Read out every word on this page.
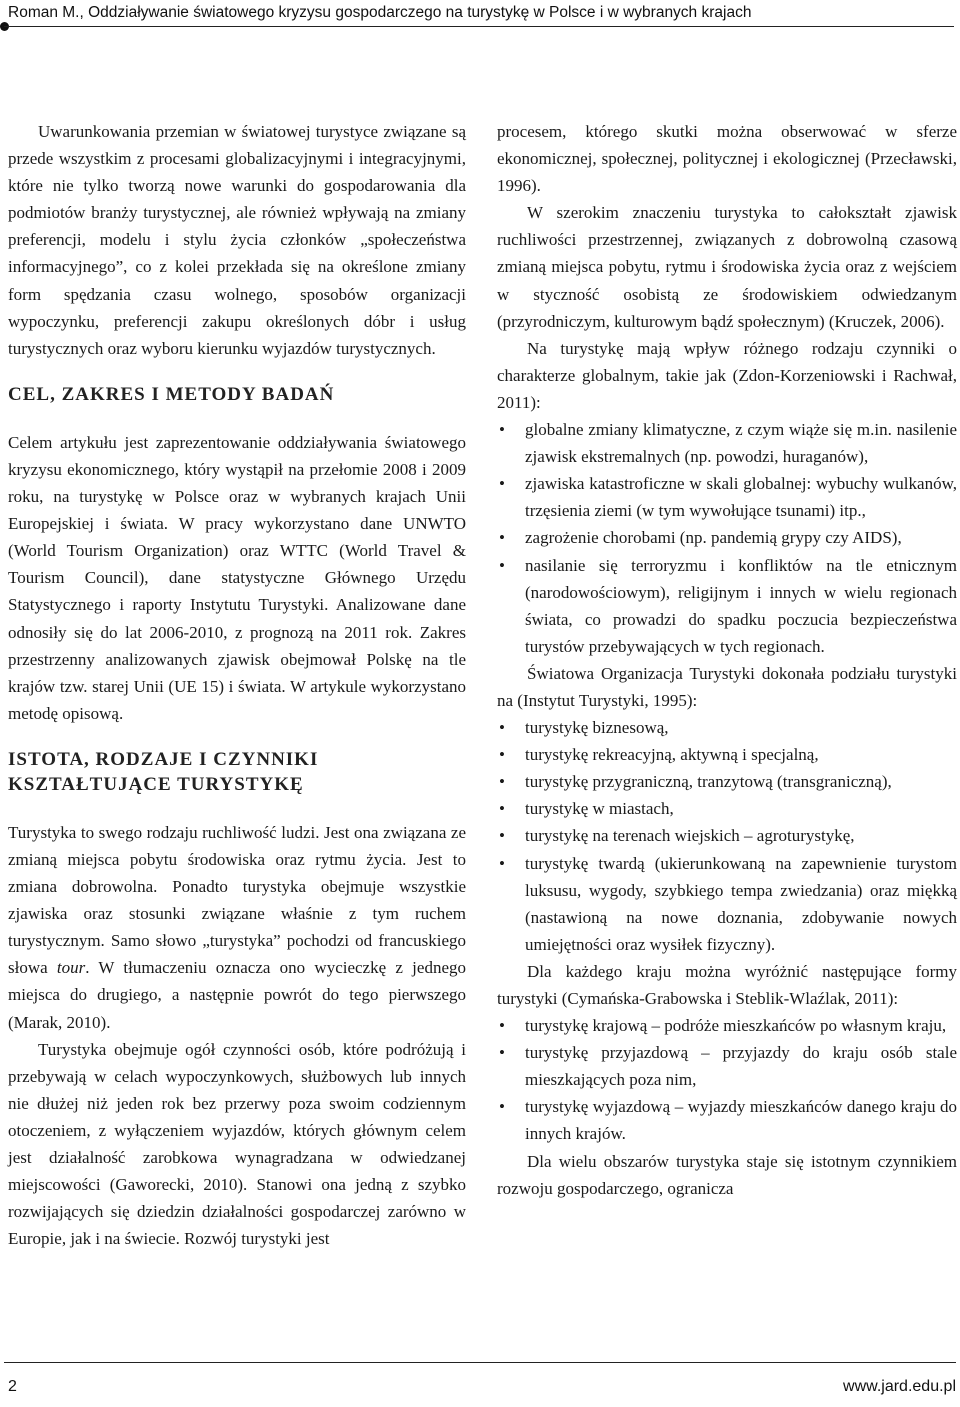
Roman M., Oddziaływanie światowego kryzysu gospodarczego na turystykę w Polsce i w wybranych krajach

Uwarunkowania przemian w światowej turystyce związane są przede wszystkim z procesami globalizacyjnymi i integracyjnymi, które nie tylko tworzą nowe warunki do gospodarowania dla podmiotów branży turystycznej, ale również wpływają na zmiany preferencji, modelu i stylu życia członków „społeczeństwa informacyjnego”, co z kolei przekłada się na określone zmiany form spędzania czasu wolnego, sposobów organizacji wypoczynku, preferencji zakupu określonych dóbr i usług turystycznych oraz wyboru kierunku wyjazdów turystycznych.

CEL, ZAKRES I METODY BADAŃ

Celem artykułu jest zaprezentowanie oddziaływania światowego kryzysu ekonomicznego, który wystąpił na przełomie 2008 i 2009 roku, na turystykę w Polsce oraz w wybranych krajach Unii Europejskiej i świata. W pracy wykorzystano dane UNWTO (World Tourism Organization) oraz WTTC (World Travel & Tourism Council), dane statystyczne Głównego Urzędu Statystycznego i raporty Instytutu Turystyki. Analizowane dane odnosiły się do lat 2006-2010, z prognozą na 2011 rok. Zakres przestrzenny analizowanych zjawisk obejmował Polskę na tle krajów tzw. starej Unii (UE 15) i świata. W artykule wykorzystano metodę opisową.

ISTOTA, RODZAJE I CZYNNIKI KSZTAŁTUJĄCE TURYSTYKĘ

Turystyka to swego rodzaju ruchliwość ludzi. Jest ona związana ze zmianą miejsca pobytu środowiska oraz rytmu życia. Jest to zmiana dobrowolna. Ponadto turystyka obejmuje wszystkie zjawiska oraz stosunki związane właśnie z tym ruchem turystycznym. Samo słowo „turystyka” pochodzi od francuskiego słowa tour. W tłumaczeniu oznacza ono wycieczkę z jednego miejsca do drugiego, a następnie powrót do tego pierwszego (Marak, 2010).

Turystyka obejmuje ogół czynności osób, które podróżują i przebywają w celach wypoczynkowych, służbowych lub innych nie dłużej niż jeden rok bez przerwy poza swoim codziennym otoczeniem, z wyłączeniem wyjazdów, których głównym celem jest działalność zarobkowa wynagradzana w odwiedzanej miejscowości (Gaworecki, 2010). Stanowi ona jedną z szybko rozwijających się dziedzin działalności gospodarczej zarówno w Europie, jak i na świecie. Rozwój turystyki jest

procesem, którego skutki można obserwować w sferze ekonomicznej, społecznej, politycznej i ekologicznej (Przecławski, 1996).

W szerokim znaczeniu turystyka to całokształt zjawisk ruchliwości przestrzennej, związanych z dobrowolną czasową zmianą miejsca pobytu, rytmu i środowiska życia oraz z wejściem w styczność osobistą ze środowiskiem odwiedzanym (przyrodniczym, kulturowym bądź społecznym) (Kruczek, 2006).

Na turystykę mają wpływ różnego rodzaju czynniki o charakterze globalnym, takie jak (Zdon-Korzeniowski i Rachwał, 2011):

• globalne zmiany klimatyczne, z czym wiąże się m.in. nasilenie zjawisk ekstremalnych (np. powodzi, huraganów),
• zjawiska katastroficzne w skali globalnej: wybuchy wulkanów, trzęsienia ziemi (w tym wywołujące tsunami) itp.,
• zagrożenie chorobami (np. pandemią grypy czy AIDS),
• nasilanie się terroryzmu i konfliktów na tle etnicznym (narodowościowym), religijnym i innych w wielu regionach świata, co prowadzi do spadku poczucia bezpieczeństwa turystów przebywających w tych regionach.

Światowa Organizacja Turystyki dokonała podziału turystyki na (Instytut Turystyki, 1995):

• turystykę biznesową,
• turystykę rekreacyjną, aktywną i specjalną,
• turystykę przygraniczną, tranzytową (transgraniczną),
• turystykę w miastach,
• turystykę na terenach wiejskich – agroturystykę,
• turystykę twardą (ukierunkowaną na zapewnienie turystom luksusu, wygody, szybkiego tempa zwiedzania) oraz miękką (nastawioną na nowe doznania, zdobywanie nowych umiejętności oraz wysiłek fizyczny).

Dla każdego kraju można wyróżnić następujące formy turystyki (Cymańska-Grabowska i Steblik-Wlaźlak, 2011):

• turystykę krajową – podróże mieszkańców po własnym kraju,
• turystykę przyjazdową – przyjazdy do kraju osób stale mieszkających poza nim,
• turystykę wyjazdową – wyjazdy mieszkańców danego kraju do innych krajów.

Dla wielu obszarów turystyka staje się istotnym czynnikiem rozwoju gospodarczego, ogranicza

2	www.jard.edu.pl
